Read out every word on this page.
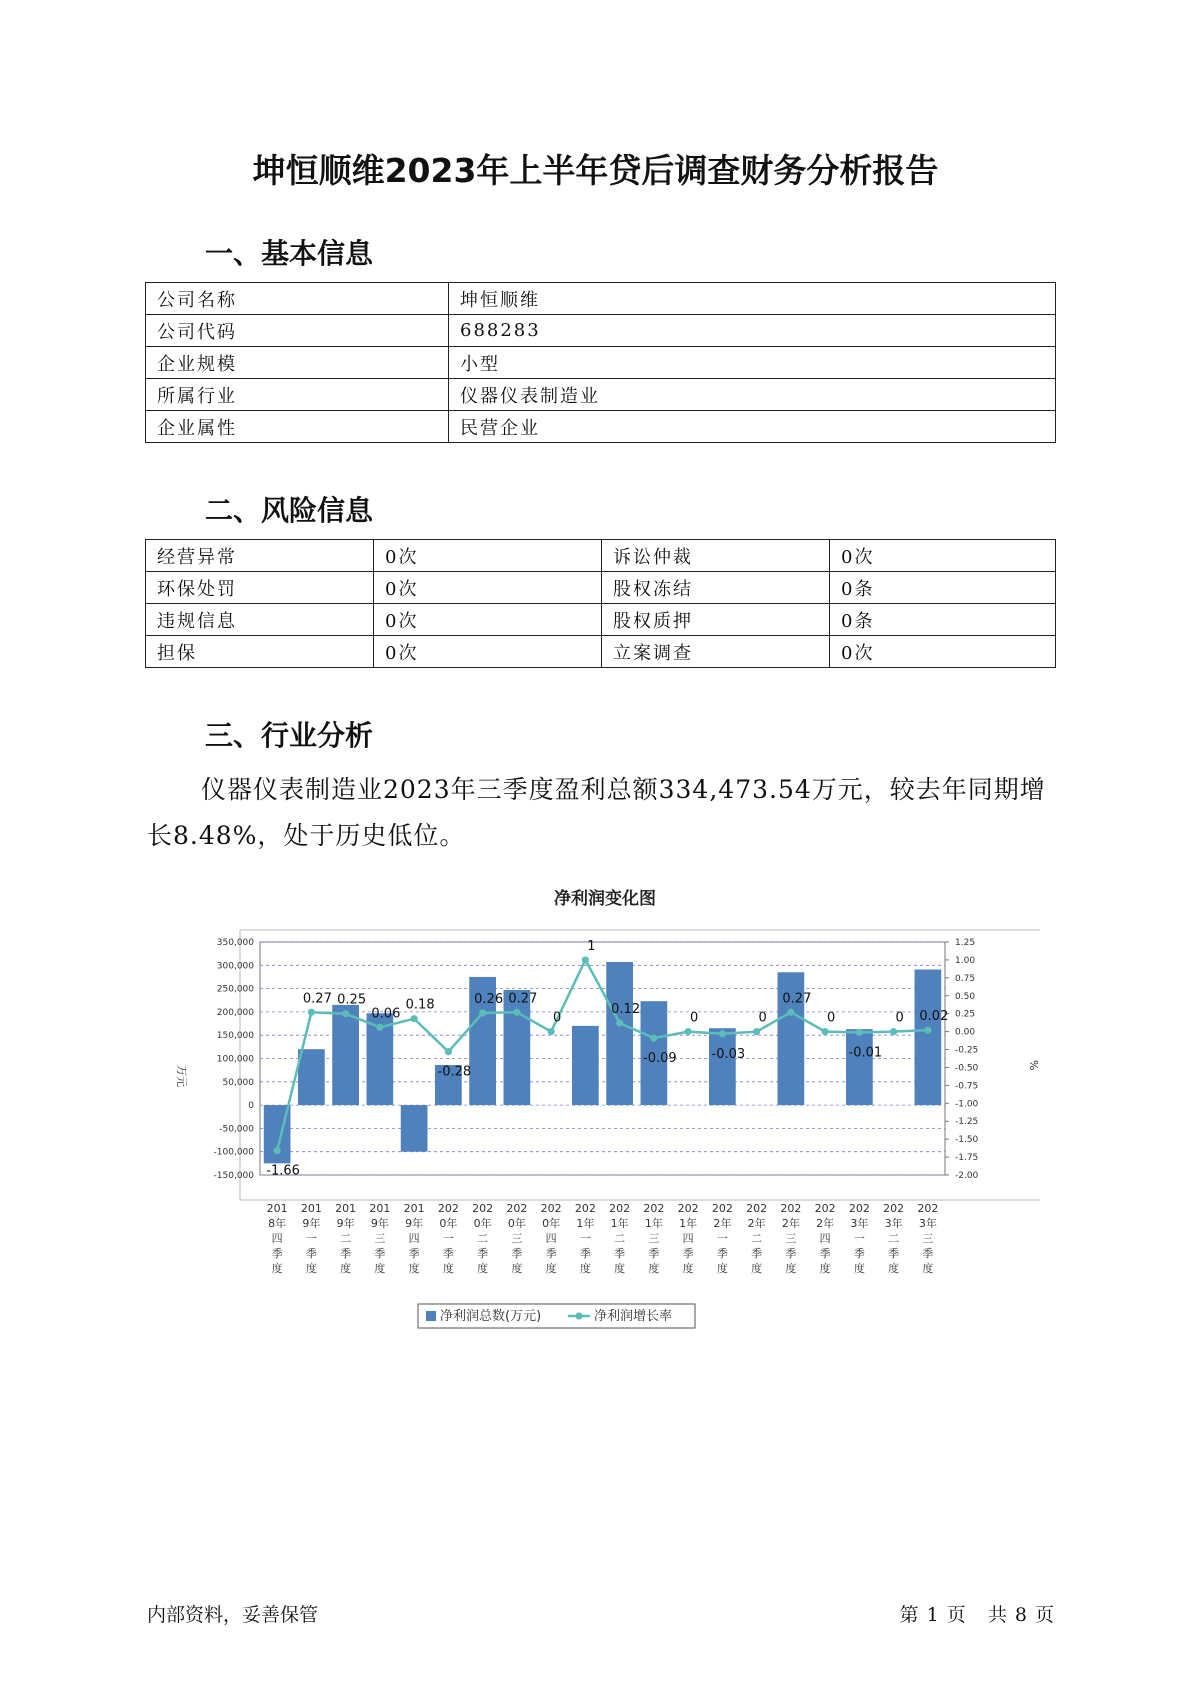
坤恒顺维2023年上半年贷后调查财务分析报告
一、基本信息
公司名称	坤恒顺维
公司代码	688283
企业规模	小型
所属行业	仪器仪表制造业
企业属性	民营企业
二、风险信息
经营异常	0次	诉讼仲裁	0次
环保处罚	0次	股权冻结	0条
违规信息	0次	股权质押	0条
担保	0次	立案调查	0次
三、行业分析

仪器仪表制造业2023年三季度盈利总额334,473.54万元，较去年同期增长8.48%，处于历史低位。

净利润变化图
350,000
300,000
250,000
200,000
150,000
100,000
50,000
0
-50,000
-100,000
-150,000
1.25
1.00
0.75
0.50
0.25
0.00
-0.25
-0.50
-0.75
-1.00
-1.25
-1.50
-1.75
-2.00
万元	%
201 8年四季度
201 9年一季度
201 9年二季度
201 9年三季度
201 9年四季度
202 0年一季度
202 0年二季度
202 0年三季度
202 0年四季度
202 1年一季度
202 1年二季度
202 1年三季度
202 1年四季度
202 2年一季度
202 2年二季度
202 2年三季度
202 2年四季度
202 3年一季度
202 3年二季度
202 3年三季度
-1.66
0.27 0.25
0.06
0.18
-0.28
0.26 0.27
0
1
0.12
-0.09
0
-0.03
0
0.27
0
-0.01
0 0.02
净利润总数(万元)	净利润增长率
内部资料，妥善保管	第 1 页   共 8 页
